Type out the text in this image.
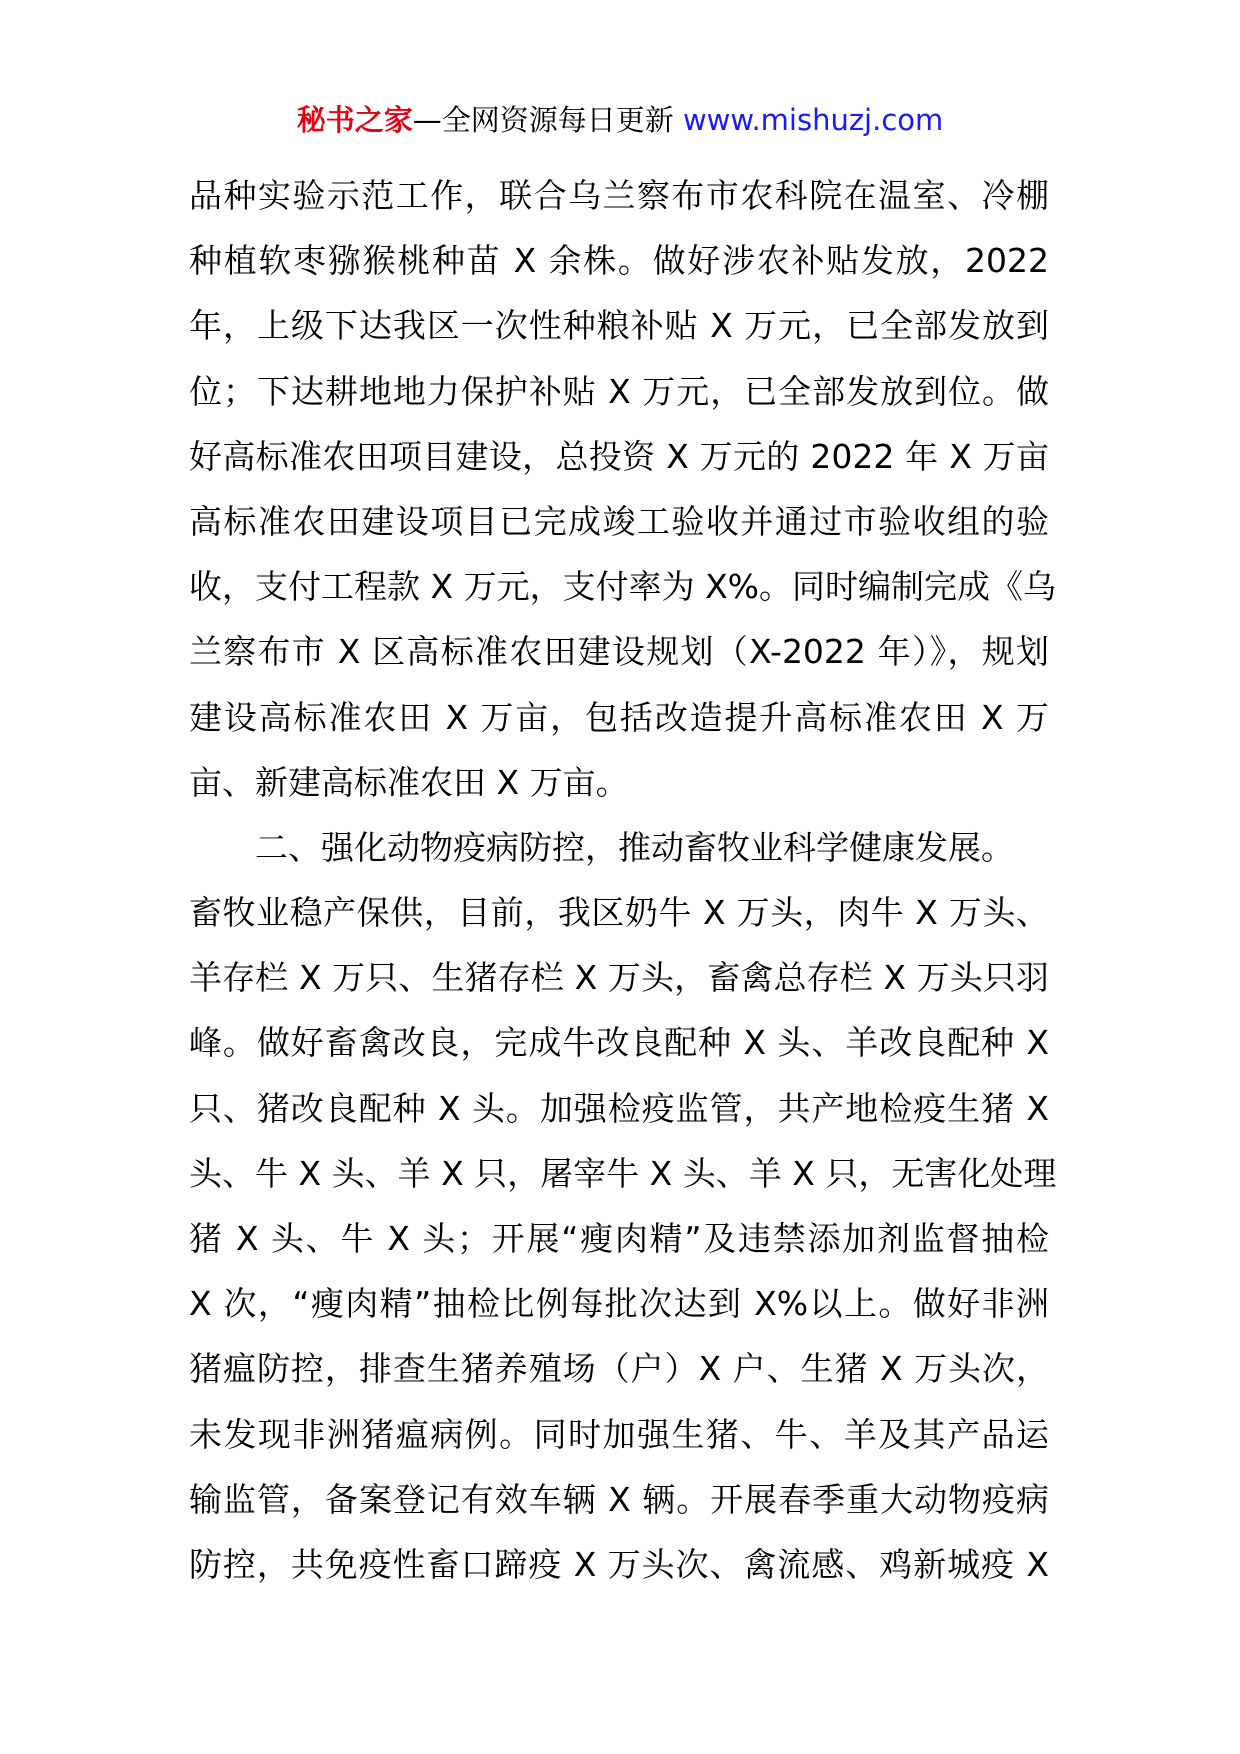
秘书之家—全网资源每日更新 www.mishuzj.com
品种实验示范工作，联合乌兰察布市农科院在温室、冷棚
种植软枣猕猴桃种苗 X 余株。做好涉农补贴发放，2022
年，上级下达我区一次性种粮补贴 X 万元，已全部发放到
位；下达耕地地力保护补贴 X 万元，已全部发放到位。做
好高标准农田项目建设，总投资 X 万元的 2022 年 X 万亩
高标准农田建设项目已完成竣工验收并通过市验收组的验
收，支付工程款 X 万元，支付率为 X%。同时编制完成《乌
兰察布市 X 区高标准农田建设规划（X-2022 年）》，规划
建设高标准农田 X 万亩，包括改造提升高标准农田 X 万
亩、新建高标准农田 X 万亩。
二、强化动物疫病防控，推动畜牧业科学健康发展。
畜牧业稳产保供，目前，我区奶牛 X 万头，肉牛 X 万头、
羊存栏 X 万只、生猪存栏 X 万头，畜禽总存栏 X 万头只羽
峰。做好畜禽改良，完成牛改良配种 X 头、羊改良配种 X
只、猪改良配种 X 头。加强检疫监管，共产地检疫生猪 X
头、牛 X 头、羊 X 只，屠宰牛 X 头、羊 X 只，无害化处理
猪 X 头、牛 X 头；开展“瘦肉精”及违禁添加剂监督抽检
X 次，“瘦肉精”抽检比例每批次达到 X%以上。做好非洲
猪瘟防控，排查生猪养殖场（户）X 户、生猪 X 万头次，
未发现非洲猪瘟病例。同时加强生猪、牛、羊及其产品运
输监管，备案登记有效车辆 X 辆。开展春季重大动物疫病
防控，共免疫性畜口蹄疫 X 万头次、禽流感、鸡新城疫 X
